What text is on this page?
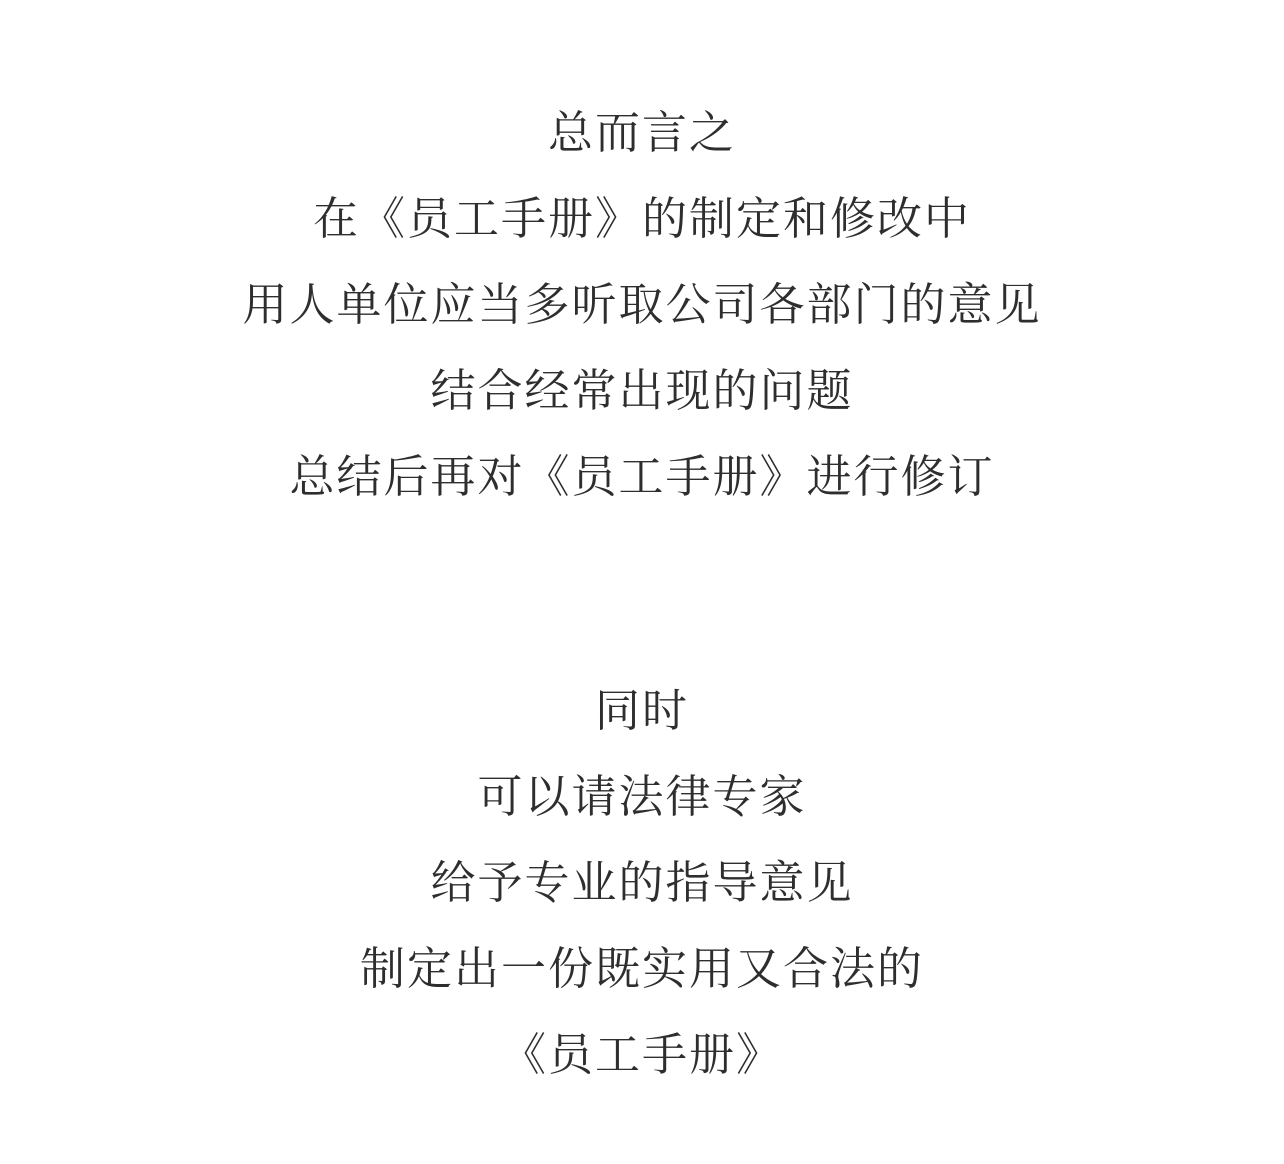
总而言之
在《员工手册》的制定和修改中
用人单位应当多听取公司各部门的意见
结合经常出现的问题
总结后再对《员工手册》进行修订
同时
可以请法律专家
给予专业的指导意见
制定出一份既实用又合法的
《员工手册》
